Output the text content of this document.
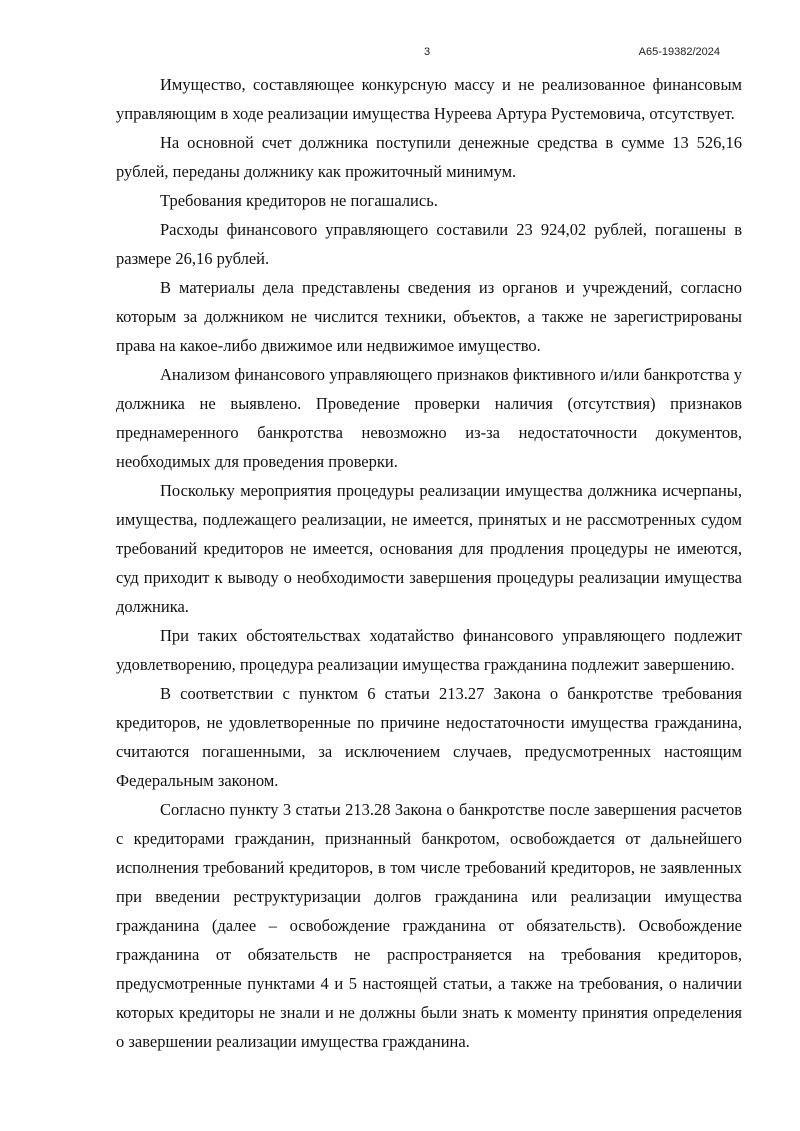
3	А65-19382/2024

Имущество, составляющее конкурсную массу и не реализованное финансовым управляющим в ходе реализации имущества Нуреева Артура Рустемовича, отсутствует.

На основной счет должника поступили денежные средства в сумме 13 526,16 рублей, переданы должнику как прожиточный минимум.

Требования кредиторов не погашались.

Расходы финансового управляющего составили 23 924,02 рублей, погашены в размере 26,16 рублей.

В материалы дела представлены сведения из органов и учреждений, согласно которым за должником не числится техники, объектов, а также не зарегистрированы права на какое-либо движимое или недвижимое имущество.

Анализом финансового управляющего признаков фиктивного и/или банкротства у должника не выявлено. Проведение проверки наличия (отсутствия) признаков преднамеренного банкротства невозможно из-за недостаточности документов, необходимых для проведения проверки.

Поскольку мероприятия процедуры реализации имущества должника исчерпаны, имущества, подлежащего реализации, не имеется, принятых и не рассмотренных судом требований кредиторов не имеется, основания для продления процедуры не имеются, суд приходит к выводу о необходимости завершения процедуры реализации имущества должника.

При таких обстоятельствах ходатайство финансового управляющего подлежит удовлетворению, процедура реализации имущества гражданина подлежит завершению.

В соответствии с пунктом 6 статьи 213.27 Закона о банкротстве требования кредиторов, не удовлетворенные по причине недостаточности имущества гражданина, считаются погашенными, за исключением случаев, предусмотренных настоящим Федеральным законом.

Согласно пункту 3 статьи 213.28 Закона о банкротстве после завершения расчетов с кредиторами гражданин, признанный банкротом, освобождается от дальнейшего исполнения требований кредиторов, в том числе требований кредиторов, не заявленных при введении реструктуризации долгов гражданина или реализации имущества гражданина (далее – освобождение гражданина от обязательств). Освобождение гражданина от обязательств не распространяется на требования кредиторов, предусмотренные пунктами 4 и 5 настоящей статьи, а также на требования, о наличии которых кредиторы не знали и не должны были знать к моменту принятия определения о завершении реализации имущества гражданина.
